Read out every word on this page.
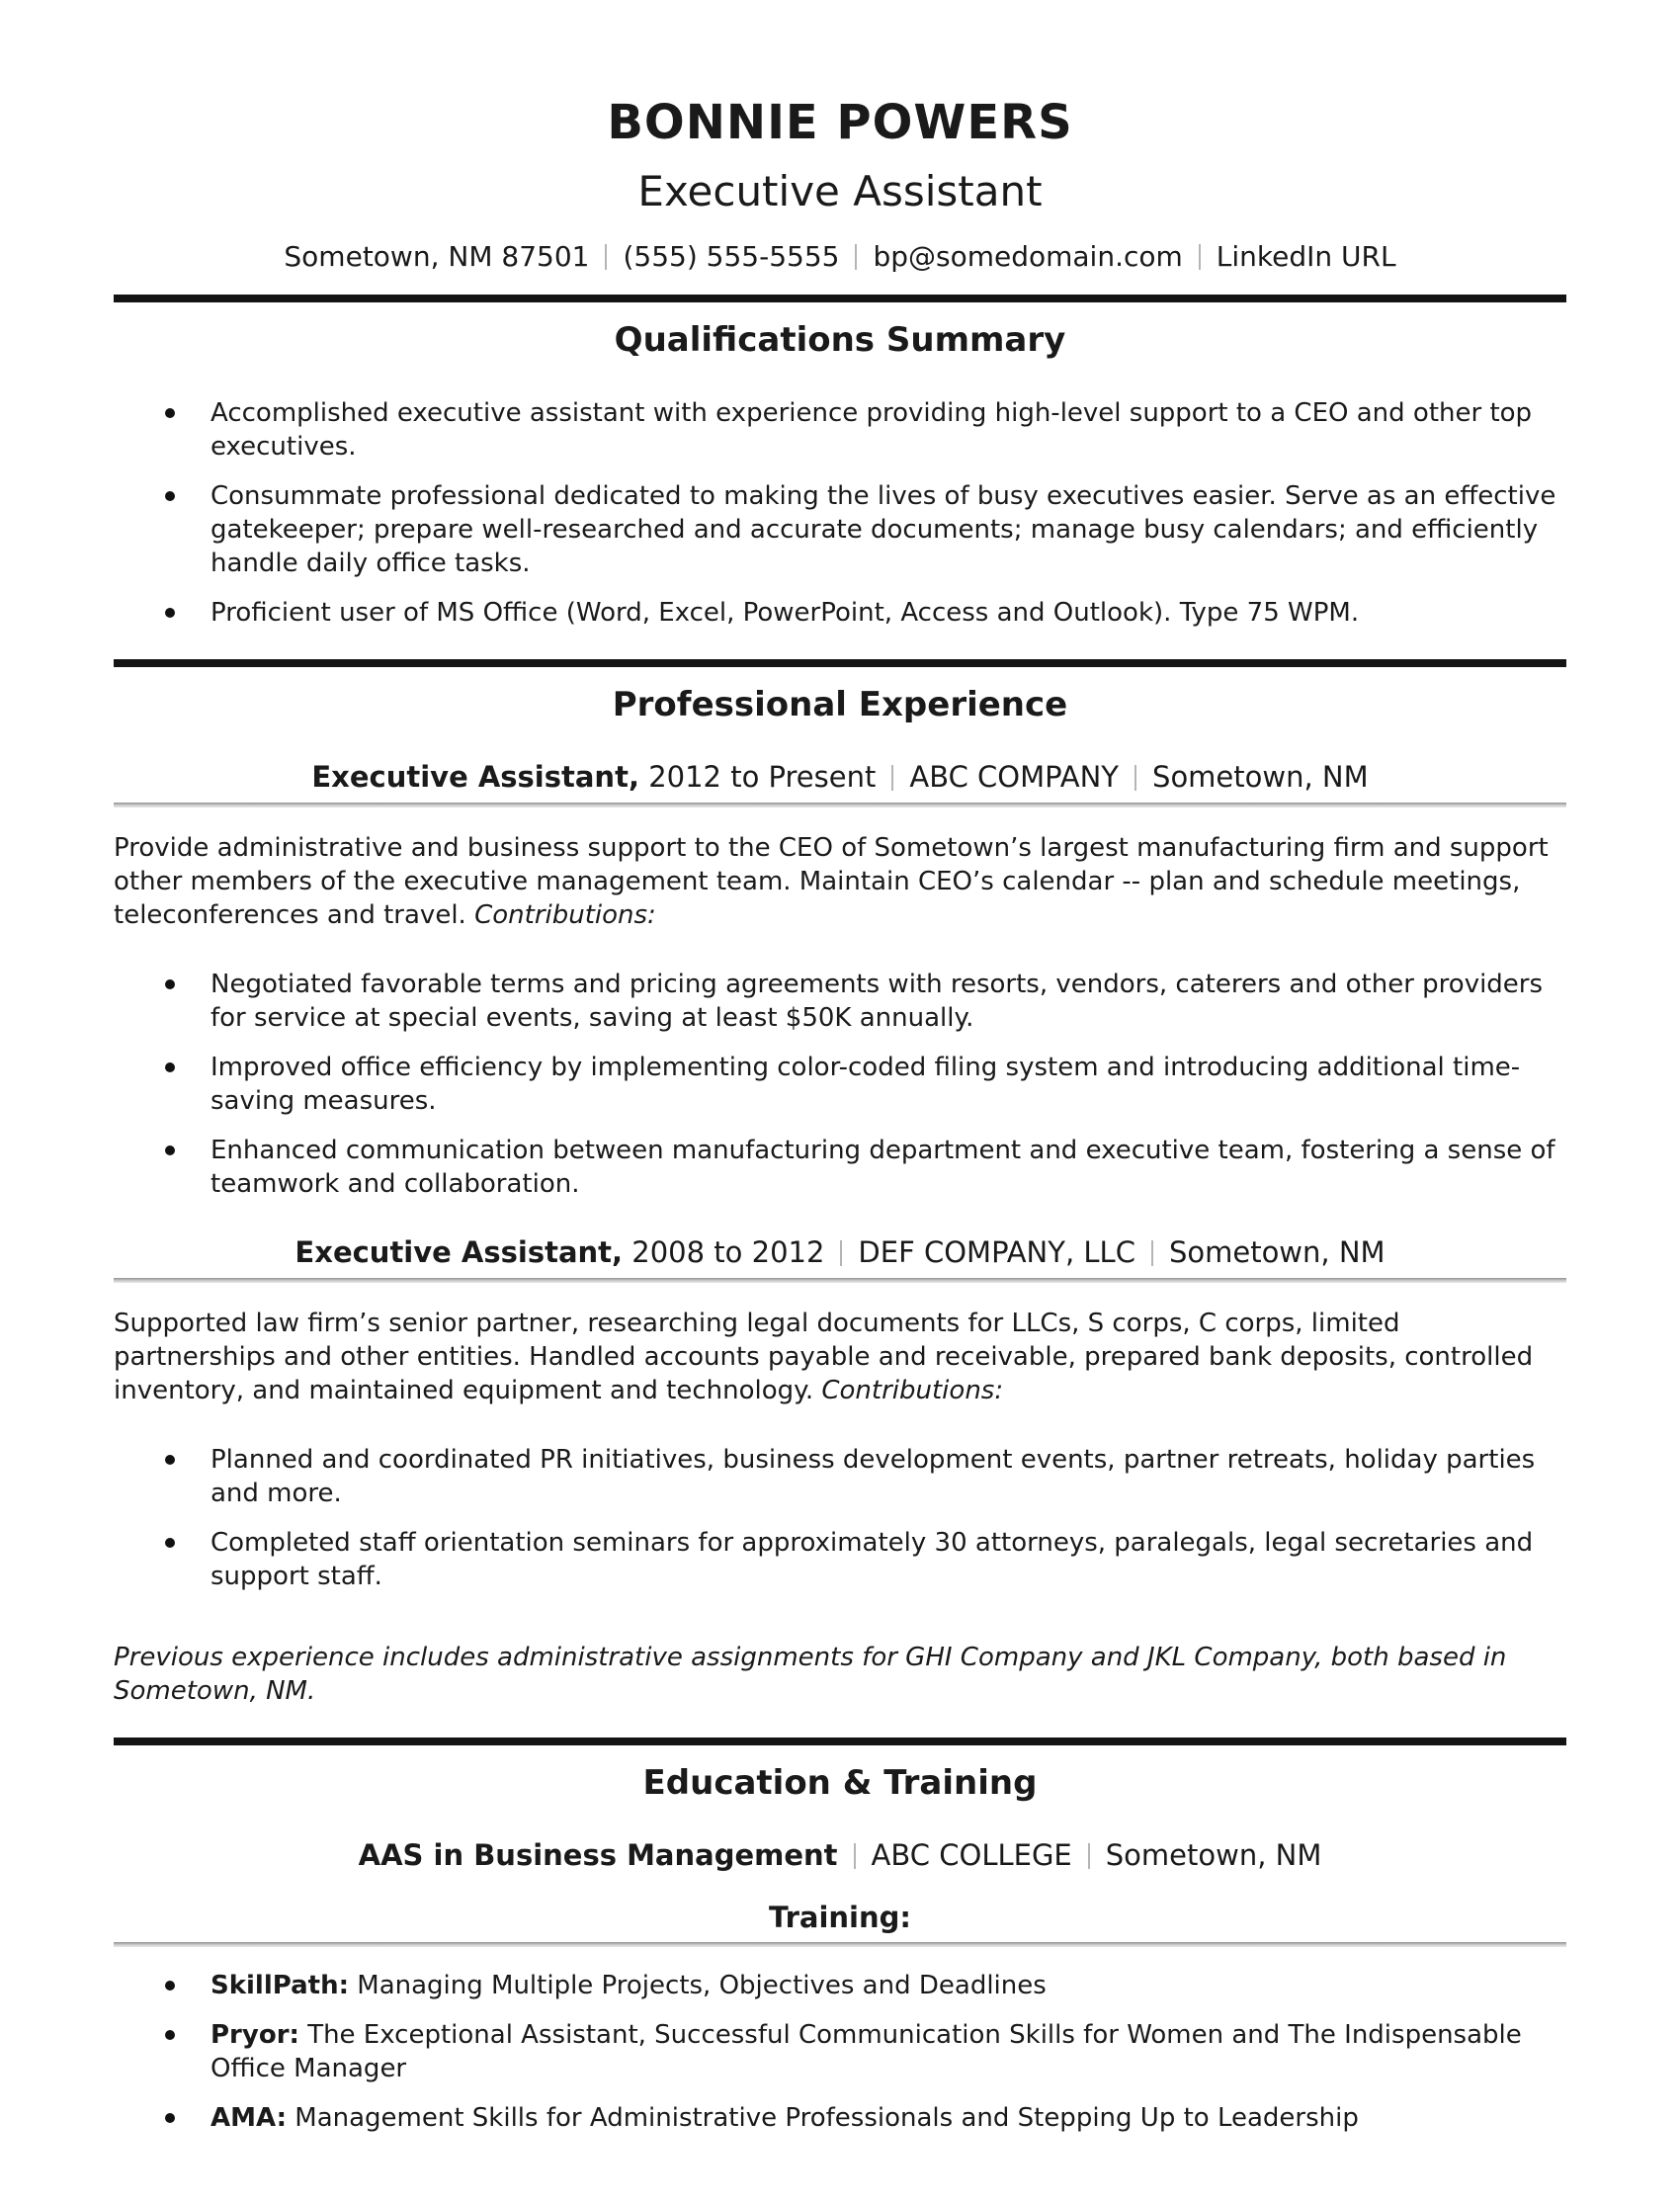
BONNIE POWERS
Executive Assistant
Sometown, NM 87501 (555) 555-5555 bp@somedomain.com LinkedIn URL
Qualifications Summary
Accomplished executive assistant with experience providing high-level support to a CEO and other top executives.
Consummate professional dedicated to making the lives of busy executives easier. Serve as an effective gatekeeper; prepare well-researched and accurate documents; manage busy calendars; and efficiently handle daily office tasks.
Proficient user of MS Office (Word, Excel, PowerPoint, Access and Outlook). Type 75 WPM.
Professional Experience
Executive Assistant, 2012 to Present ABC COMPANY Sometown, NM

Provide administrative and business support to the CEO of Sometown’s largest manufacturing firm and support other members of the executive management team. Maintain CEO’s calendar -- plan and schedule meetings, teleconferences and travel. Contributions:

Negotiated favorable terms and pricing agreements with resorts, vendors, caterers and other providers for service at special events, saving at least $50K annually.
Improved office efficiency by implementing color-coded filing system and introducing additional time-saving measures.
Enhanced communication between manufacturing department and executive team, fostering a sense of teamwork and collaboration.
Executive Assistant, 2008 to 2012 DEF COMPANY, LLC Sometown, NM

Supported law firm’s senior partner, researching legal documents for LLCs, S corps, C corps, limited partnerships and other entities. Handled accounts payable and receivable, prepared bank deposits, controlled inventory, and maintained equipment and technology. Contributions:

Planned and coordinated PR initiatives, business development events, partner retreats, holiday parties and more.
Completed staff orientation seminars for approximately 30 attorneys, paralegals, legal secretaries and support staff.

Previous experience includes administrative assignments for GHI Company and JKL Company, both based in Sometown, NM.

Education & Training
AAS in Business Management ABC COLLEGE Sometown, NM
Training:
SkillPath: Managing Multiple Projects, Objectives and Deadlines
Pryor: The Exceptional Assistant, Successful Communication Skills for Women and The Indispensable Office Manager
AMA: Management Skills for Administrative Professionals and Stepping Up to Leadership
